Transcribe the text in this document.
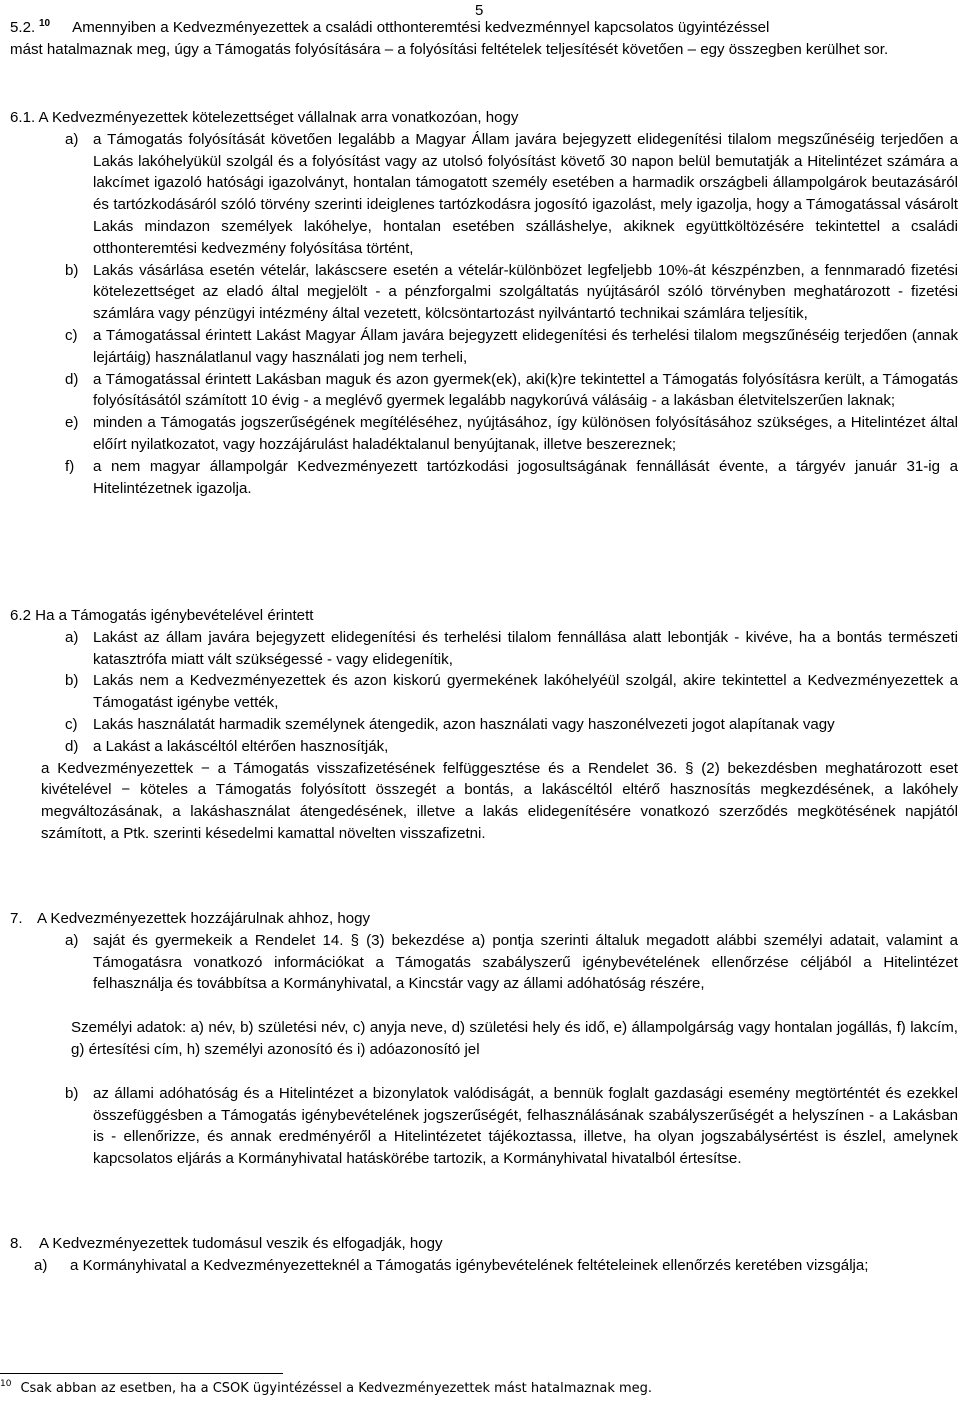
5
5.2. $^{10}$ Amennyiben a Kedvezményezettek a családi otthonteremtési kedvezménnyel kapcsolatos ügyintézéssel
mást hatalmaznak meg, úgy a Támogatás folyósítására – a folyósítási feltételek teljesítését követően – egy összegben kerülhet sor.
6.1. A Kedvezményezettek kötelezettséget vállalnak arra vonatkozóan, hogy
a) a Támogatás folyósítását követően legalább a Magyar Állam javára bejegyzett elidegenítési tilalom megszűnéséig terjedően a Lakás lakóhelyükül szolgál és a folyósítást vagy az utolsó folyósítást követő 30 napon belül bemutatják a Hitelintézet számára a lakcímet igazoló hatósági igazolványt, hontalan támogatott személy esetében a harmadik országbeli állampolgárok beutazásáról és tartózkodásáról szóló törvény szerinti ideiglenes tartózkodásra jogosító igazolást, mely igazolja, hogy a Támogatással vásárolt Lakás mindazon személyek lakóhelye, hontalan esetében szálláshelye, akiknek együttköltözésére tekintettel a családi otthonteremtési kedvezmény folyósítása történt,
b) Lakás vásárlása esetén vételár, lakáscsere esetén a vételár-különbözet legfeljebb 10%-át készpénzben, a fennmaradó fizetési kötelezettséget az eladó által megjelölt - a pénzforgalmi szolgáltatás nyújtásáról szóló törvényben meghatározott - fizetési számlára vagy pénzügyi intézmény által vezetett, kölcsöntartozást nyilvántartó technikai számlára teljesítik,
c)	a Támogatással érintett Lakást Magyar Állam javára bejegyzett elidegenítési és terhelési tilalom megszűnéséig terjedően (annak lejártáig) használatlanul vagy használati jog nem terheli,
d) a Támogatással érintett Lakásban maguk és azon gyermek(ek), aki(k)re tekintettel a Támogatás folyósításra került, a Támogatás folyósításától számított 10 évig - a meglévő gyermek legalább nagykorúvá válásáig - a lakásban életvitelszerűen laknak;
e) minden a Támogatás jogszerűségének megítéléséhez, nyújtásához, így különösen folyósításához szükséges, a Hitelintézet által előírt nyilatkozatot, vagy hozzájárulást haladéktalanul benyújtanak, illetve beszereznek;
f)	a nem magyar állampolgár Kedvezményezett tartózkodási jogosultságának fennállását évente, a tárgyév január 31-ig a Hitelintézetnek igazolja.
6.2 Ha a Támogatás igénybevételével érintett
a) Lakást az állam javára bejegyzett elidegenítési és terhelési tilalom fennállása alatt lebontják - kivéve, ha a bontás természeti katasztrófa miatt vált szükségessé - vagy elidegenítik,
b) Lakás nem a Kedvezményezettek és azon kiskorú gyermekének lakóhelyéül szolgál, akire tekintettel a Kedvezményezettek a Támogatást igénybe vették,
c)	Lakás használatát harmadik személynek átengedik, azon használati vagy haszonélvezeti jogot alapítanak vagy
d) a Lakást a lakáscéltól eltérően hasznosítják,
a Kedvezményezettek − a Támogatás visszafizetésének felfüggesztése és a Rendelet 36. § (2) bekezdésben meghatározott eset kivételével − köteles a Támogatás folyósított összegét a bontás, a lakáscéltól eltérő hasznosítás megkezdésének, a lakóhely megváltozásának, a lakáshasználat átengedésének, illetve a lakás elidegenítésére vonatkozó szerződés megkötésének napjától számított, a Ptk. szerinti késedelmi kamattal növelten visszafizetni.
7. A Kedvezményezettek hozzájárulnak ahhoz, hogy
a) saját és gyermekeik a Rendelet 14. § (3) bekezdése a) pontja szerinti általuk megadott alábbi személyi adatait, valamint a Támogatásra vonatkozó információkat a Támogatás szabályszerű igénybevételének ellenőrzése céljából a Hitelintézet felhasználja és továbbítsa a Kormányhivatal, a Kincstár vagy az állami adóhatóság részére,
Személyi adatok: a) név, b) születési név, c) anyja neve, d) születési hely és idő, e) állampolgárság vagy hontalan jogállás, f) lakcím, g) értesítési cím, h) személyi azonosító és i) adóazonosító jel
b) az állami adóhatóság és a Hitelintézet a bizonylatok valódiságát, a bennük foglalt gazdasági esemény megtörténtét és ezekkel összefüggésben a Támogatás igénybevételének jogszerűségét, felhasználásának szabályszerűségét a helyszínen - a Lakásban is - ellenőrizze, és annak eredményéről a Hitelintézetet tájékoztassa, illetve, ha olyan jogszabálysértést is észlel, amelynek kapcsolatos eljárás a Kormányhivatal hatáskörébe tartozik, a Kormányhivatal hivatalból értesítse.
8.	A Kedvezményezettek tudomásul veszik és elfogadják, hogy
a)	a Kormányhivatal a Kedvezményezetteknél a Támogatás igénybevételének feltételeinek ellenőrzés keretében vizsgálja;
$^{10}$ Csak abban az esetben, ha a CSOK ügyintézéssel a Kedvezményezettek mást hatalmaznak meg.
